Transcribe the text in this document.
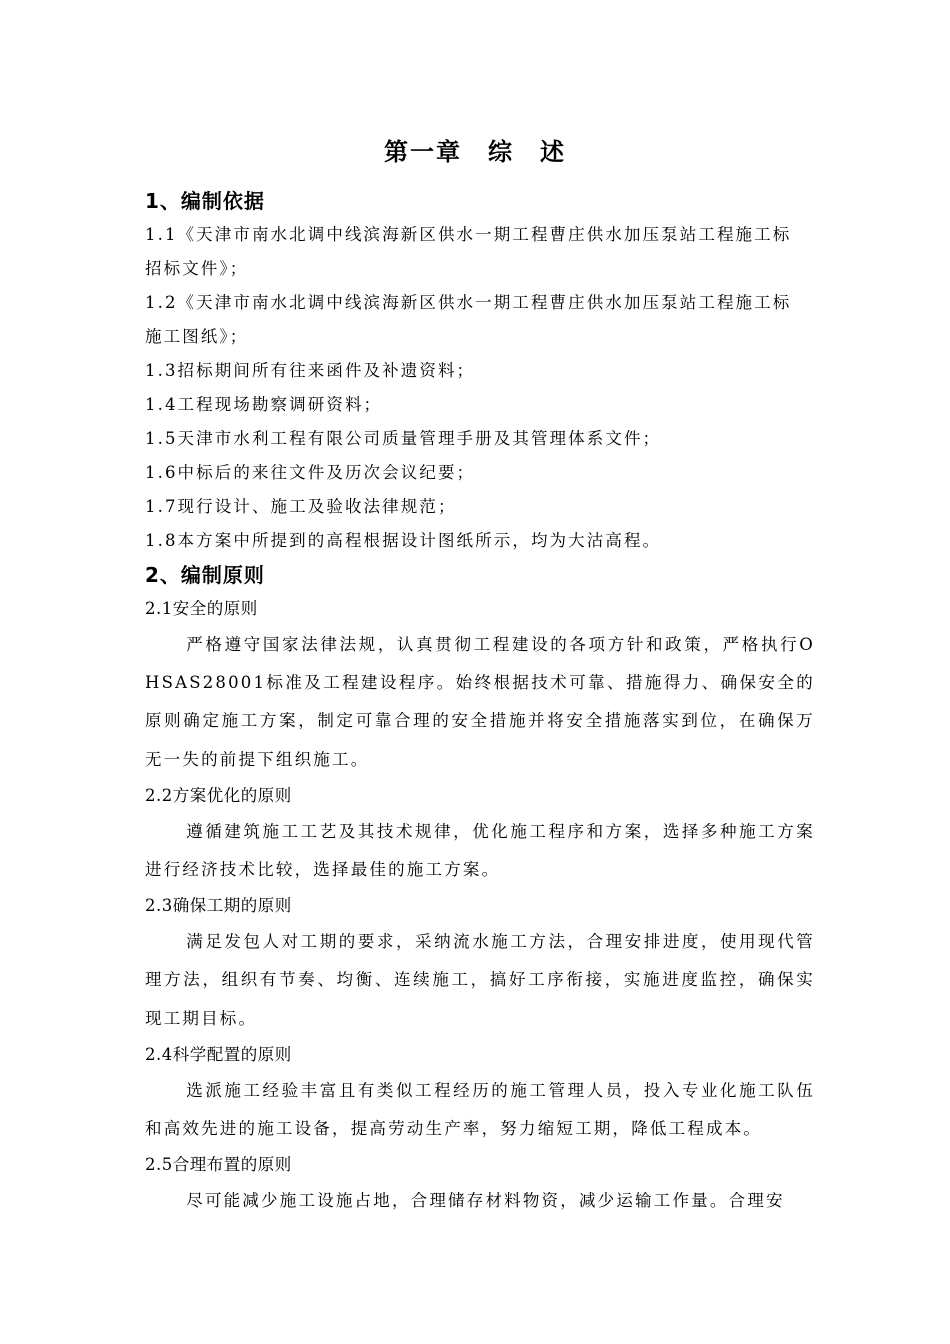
第一章　综　述
1、编制依据
1.1《天津市南水北调中线滨海新区供水一期工程曹庄供水加压泵站工程施工标
招标文件》；
1.2《天津市南水北调中线滨海新区供水一期工程曹庄供水加压泵站工程施工标
施工图纸》；
1.3招标期间所有往来函件及补遗资料；
1.4工程现场勘察调研资料；
1.5天津市水利工程有限公司质量管理手册及其管理体系文件；
1.6中标后的来往文件及历次会议纪要；
1.7现行设计、施工及验收法律规范；
1.8本方案中所提到的高程根据设计图纸所示，均为大沽高程。
2、编制原则
2.1安全的原则
严格遵守国家法律法规，认真贯彻工程建设的各项方针和政策，严格执行OHSAS28001标准及工程建设程序。始终根据技术可靠、措施得力、确保安全的原则确定施工方案，制定可靠合理的安全措施并将安全措施落实到位，在确保万无一失的前提下组织施工。
2.2方案优化的原则
遵循建筑施工工艺及其技术规律，优化施工程序和方案，选择多种施工方案进行经济技术比较，选择最佳的施工方案。
2.3确保工期的原则
满足发包人对工期的要求，采纳流水施工方法，合理安排进度，使用现代管理方法，组织有节奏、均衡、连续施工，搞好工序衔接，实施进度监控，确保实现工期目标。
2.4科学配置的原则
选派施工经验丰富且有类似工程经历的施工管理人员，投入专业化施工队伍和高效先进的施工设备，提高劳动生产率，努力缩短工期，降低工程成本。
2.5合理布置的原则
尽可能减少施工设施占地，合理储存材料物资，减少运输工作量。合理安
